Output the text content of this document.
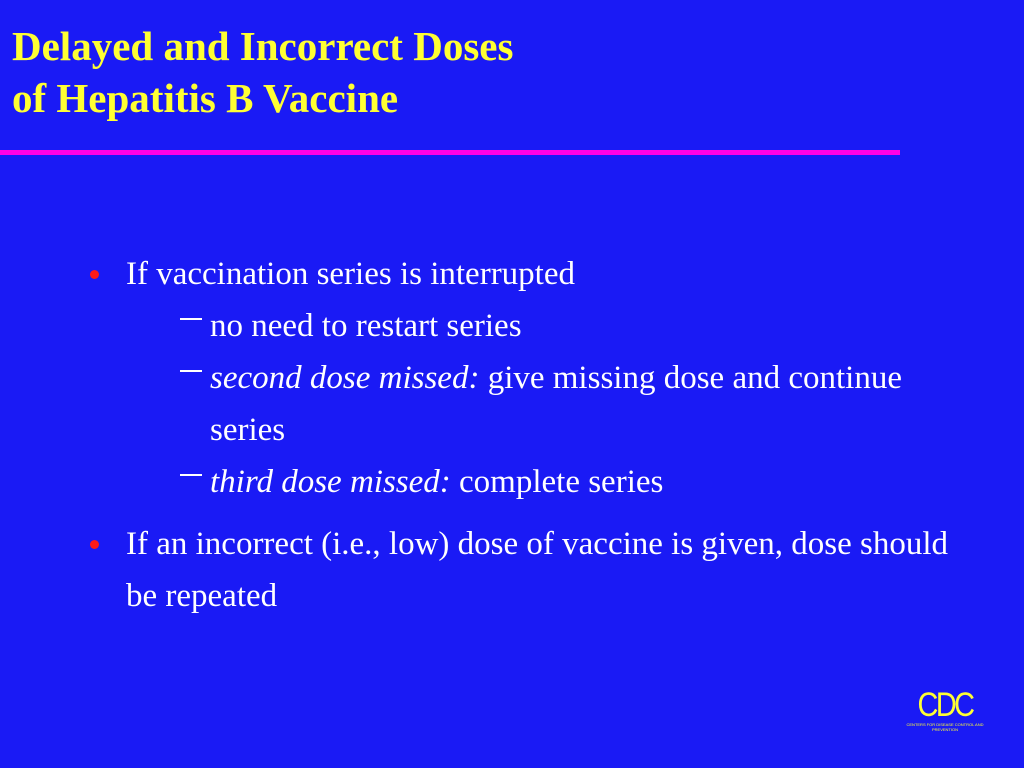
Delayed and Incorrect Doses
of Hepatitis B Vaccine
If vaccination series is interrupted
no need to restart series
second dose missed: give missing dose and continue series
third dose missed: complete series
If an incorrect (i.e., low) dose of vaccine is given, dose should be repeated
CDC
CENTERS FOR DISEASE CONTROL AND PREVENTION
